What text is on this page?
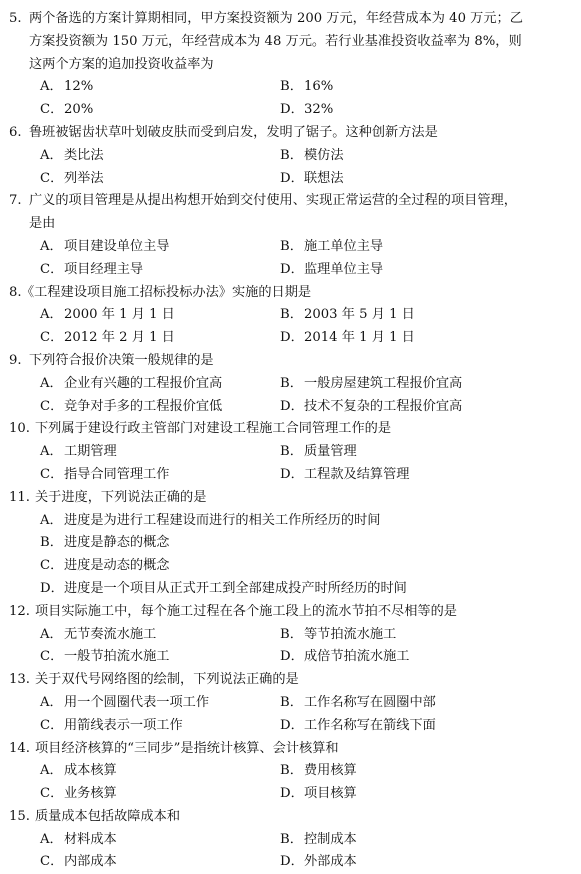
5. 两个备选的方案计算期相同，甲方案投资额为 200 万元，年经营成本为 40 万元；乙
方案投资额为 150 万元，年经营成本为 48 万元。若行业基准投资收益率为 8%，则
这两个方案的追加投资收益率为
A． 12%	B． 16%
C． 20%	D． 32%
6. 鲁班被锯齿状草叶划破皮肤而受到启发，发明了锯子。这种创新方法是
A． 类比法	B． 模仿法
C． 列举法	D． 联想法
7. 广义的项目管理是从提出构想开始到交付使用、实现正常运营的全过程的项目管理，
是由
A． 项目建设单位主导	B． 施工单位主导
C． 项目经理主导	D． 监理单位主导
8. 《工程建设项目施工招标投标办法》实施的日期是
A． 2000 年 1 月 1 日	B． 2003 年 5 月 1 日
C． 2012 年 2 月 1 日	D． 2014 年 1 月 1 日
9. 下列符合报价决策一般规律的是
A． 企业有兴趣的工程报价宜高	B． 一般房屋建筑工程报价宜高
C． 竞争对手多的工程报价宜低	D． 技术不复杂的工程报价宜高
10. 下列属于建设行政主管部门对建设工程施工合同管理工作的是
A． 工期管理	B． 质量管理
C． 指导合同管理工作	D． 工程款及结算管理
11. 关于进度，下列说法正确的是
A． 进度是为进行工程建设而进行的相关工作所经历的时间
B． 进度是静态的概念
C． 进度是动态的概念
D． 进度是一个项目从正式开工到全部建成投产时所经历的时间
12. 项目实际施工中，每个施工过程在各个施工段上的流水节拍不尽相等的是
A． 无节奏流水施工	B． 等节拍流水施工
C． 一般节拍流水施工	D． 成倍节拍流水施工
13. 关于双代号网络图的绘制，下列说法正确的是
A． 用一个圆圈代表一项工作	B． 工作名称写在圆圈中部
C． 用箭线表示一项工作	D． 工作名称写在箭线下面
14. 项目经济核算的“三同步”是指统计核算、会计核算和
A． 成本核算	B． 费用核算
C． 业务核算	D． 项目核算
15. 质量成本包括故障成本和
A． 材料成本	B． 控制成本
C． 内部成本	D． 外部成本
